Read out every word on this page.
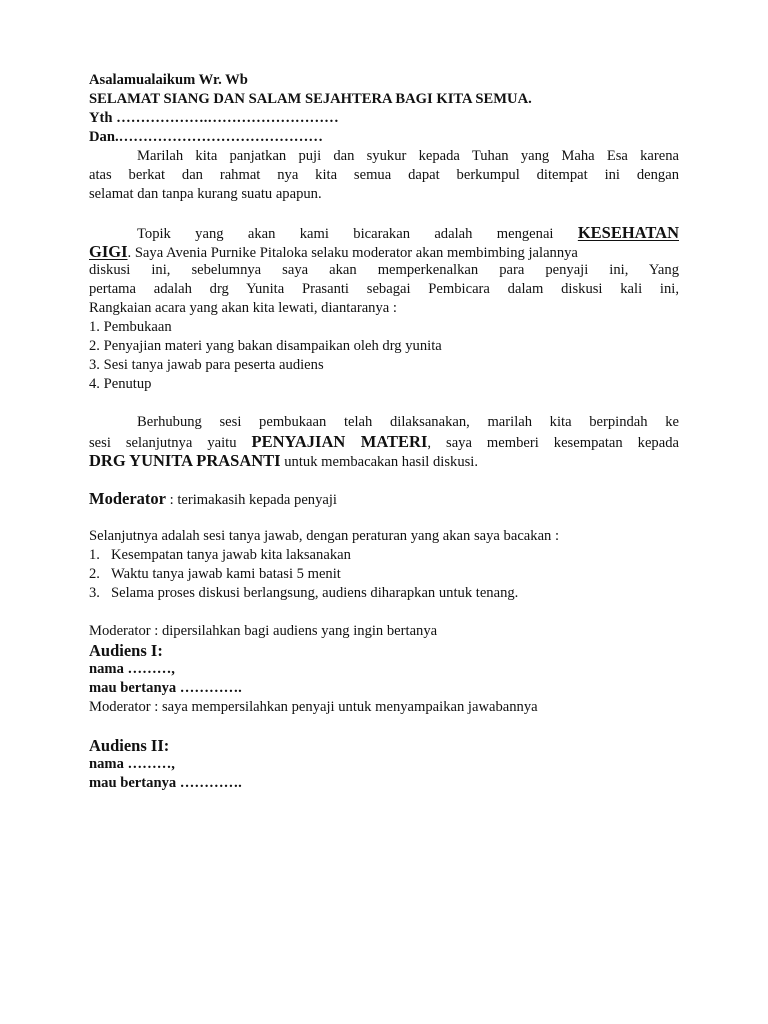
Asalamualaikum Wr. Wb
SELAMAT SIANG DAN SALAM SEJAHTERA BAGI KITA SEMUA.
Yth ……………….………………………
Dan.……………………………………
Marilah kita panjatkan puji dan syukur kepada Tuhan yang Maha Esa karena
atas berkat dan rahmat nya kita semua dapat berkumpul ditempat ini dengan
selamat dan tanpa kurang suatu apapun.
Topik yang akan kami bicarakan adalah mengenai KESEHATAN
GIGI. Saya Avenia Purnike Pitaloka selaku moderator akan membimbing jalannya
diskusi ini, sebelumnya saya akan memperkenalkan para penyaji ini, Yang
pertama adalah drg Yunita Prasanti sebagai Pembicara dalam diskusi kali ini,
Rangkaian acara yang akan kita lewati, diantaranya :
1. Pembukaan
2. Penyajian materi yang bakan disampaikan oleh drg yunita
3. Sesi tanya jawab para peserta audiens
4. Penutup
Berhubung sesi pembukaan telah dilaksanakan, marilah kita berpindah ke
sesi selanjutnya yaitu PENYAJIAN MATERI, saya memberi kesempatan kepada
DRG YUNITA PRASANTI untuk membacakan hasil diskusi.
Moderator : terimakasih kepada penyaji
Selanjutnya adalah sesi tanya jawab, dengan peraturan yang akan saya bacakan :
1. Kesempatan tanya jawab kita laksanakan
2. Waktu tanya jawab kami batasi 5 menit
3. Selama proses diskusi berlangsung, audiens diharapkan untuk tenang.
Moderator : dipersilahkan bagi audiens yang ingin bertanya
Audiens I:
nama ………,
mau bertanya ………….
Moderator : saya mempersilahkan penyaji untuk menyampaikan jawabannya
Audiens II:
nama ………,
mau bertanya ………….
